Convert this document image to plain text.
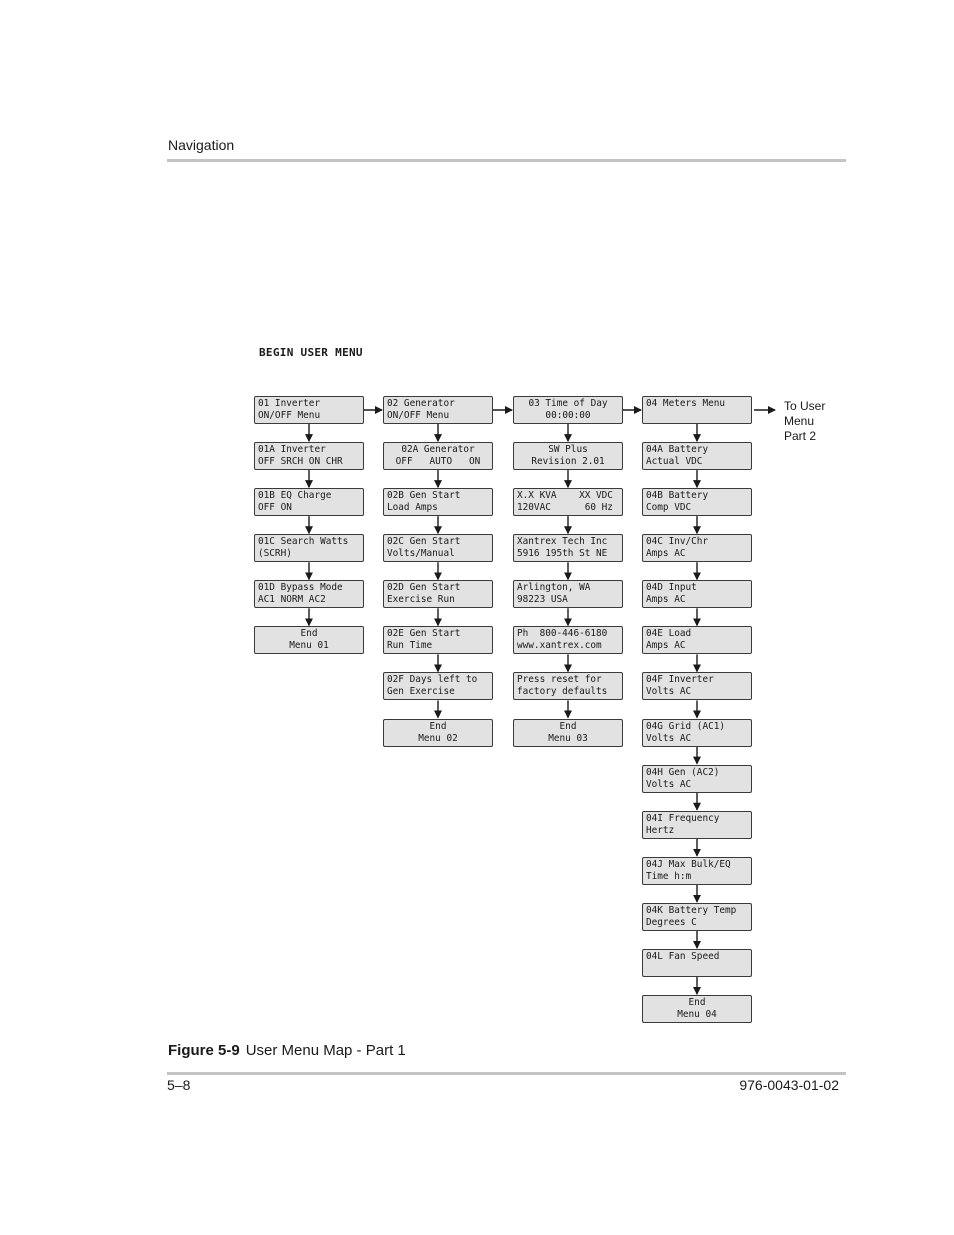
Navigation
BEGIN USER MENU
01 Inverter
ON/OFF Menu
01A Inverter
OFF SRCH ON CHR
01B EQ Charge
OFF ON
01C Search Watts
(SCRH)
01D Bypass Mode
AC1 NORM AC2
End
Menu 01
02 Generator
ON/OFF Menu
02A Generator
OFF   AUTO   ON
02B Gen Start
Load Amps
02C Gen Start
Volts/Manual
02D Gen Start
Exercise Run
02E Gen Start
Run Time
02F Days left to
Gen Exercise
End
Menu 02
03 Time of Day
00:00:00
SW Plus
Revision 2.01
X.X KVA    XX VDC
120VAC      60 Hz
Xantrex Tech Inc
5916 195th St NE
Arlington, WA
98223 USA
Ph  800-446-6180
www.xantrex.com
Press reset for
factory defaults
End
Menu 03
04 Meters Menu
04A Battery
Actual VDC
04B Battery
Comp VDC
04C Inv/Chr
Amps AC
04D Input
Amps AC
04E Load
Amps AC
04F Inverter
Volts AC
04G Grid (AC1)
Volts AC
04H Gen (AC2)
Volts AC
04I Frequency
Hertz
04J Max Bulk/EQ
Time h:m
04K Battery Temp
Degrees C
04L Fan Speed
End
Menu 04
To User
Menu
Part 2
Figure 5-9 User Menu Map - Part 1
5–8	976-0043-01-02
